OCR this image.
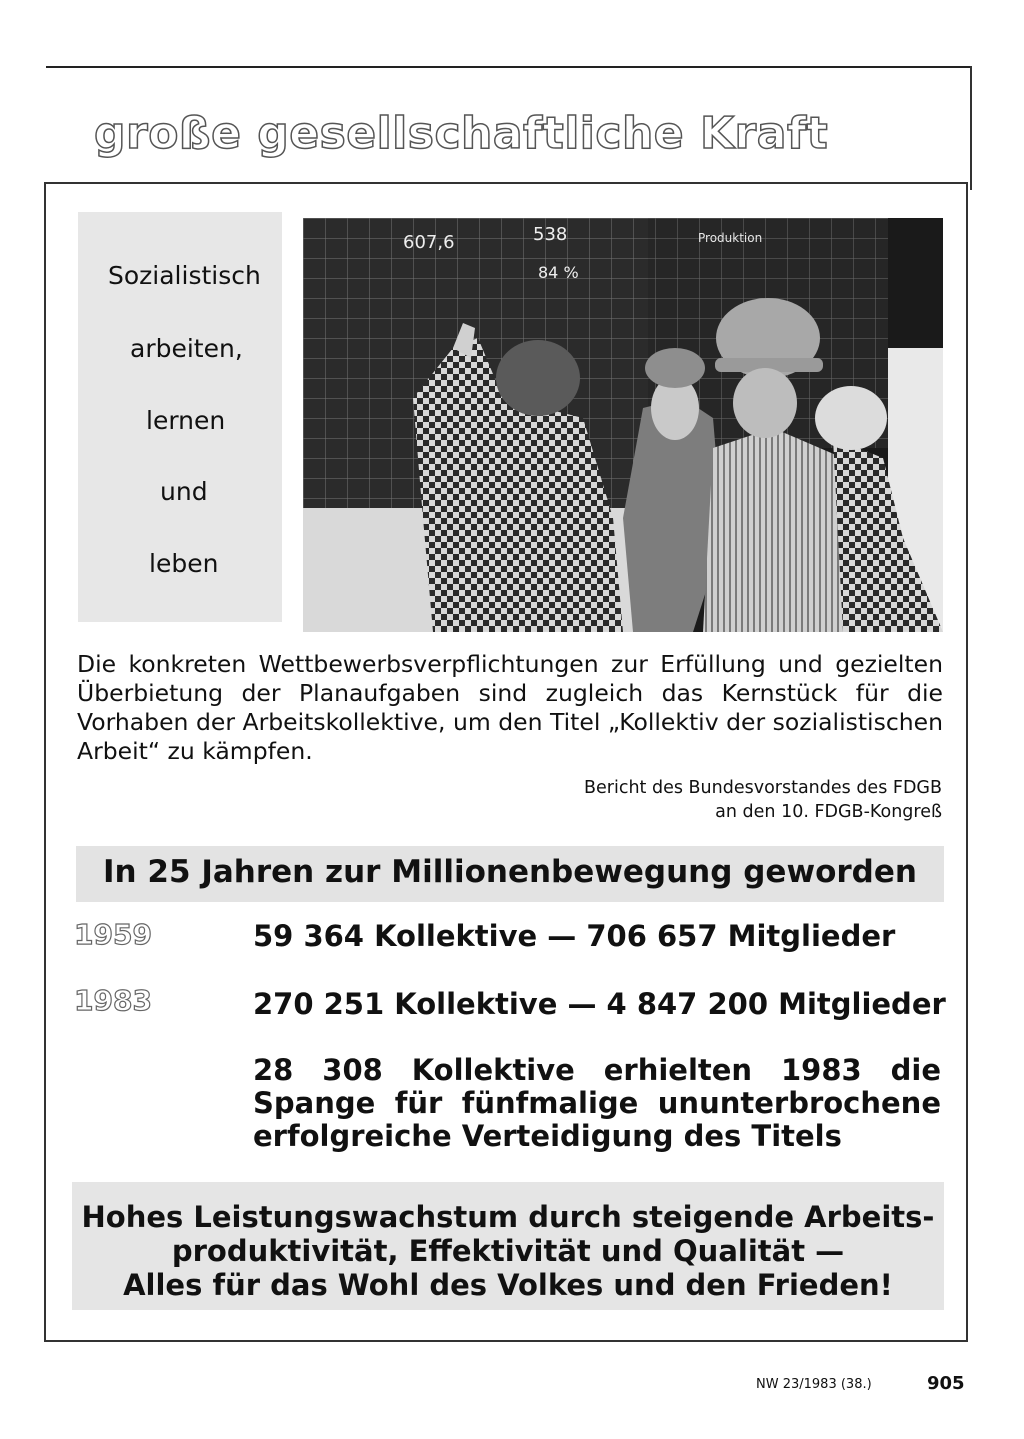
große gesellschaftliche Kraft
Sozialistisch
arbeiten,
lernen
und
leben
Produktion
538
607,6
84 %
Die konkreten Wettbewerbsverpflichtungen zur Erfüllung und gezielten Überbietung der Planaufgaben sind zugleich das Kernstück für die Vorhaben der Arbeitskollektive, um den Titel „Kollektiv der sozialistischen Arbeit“ zu kämpfen.
Bericht des Bundesvorstandes des FDGB
an den 10. FDGB-Kongreß
In 25 Jahren zur Millionenbewegung geworden
1959	59 364 Kollektive — 706 657 Mitglieder
1983	270 251 Kollektive — 4 847 200 Mitglieder
28 308 Kollektive erhielten 1983 die Spange für fünfmalige ununterbrochene erfolgreiche Verteidigung des Titels
Hohes Leistungswachstum durch steigende Arbeits-
produktivität, Effektivität und Qualität —
Alles für das Wohl des Volkes und den Frieden!
NW 23/1983 (38.)	905
